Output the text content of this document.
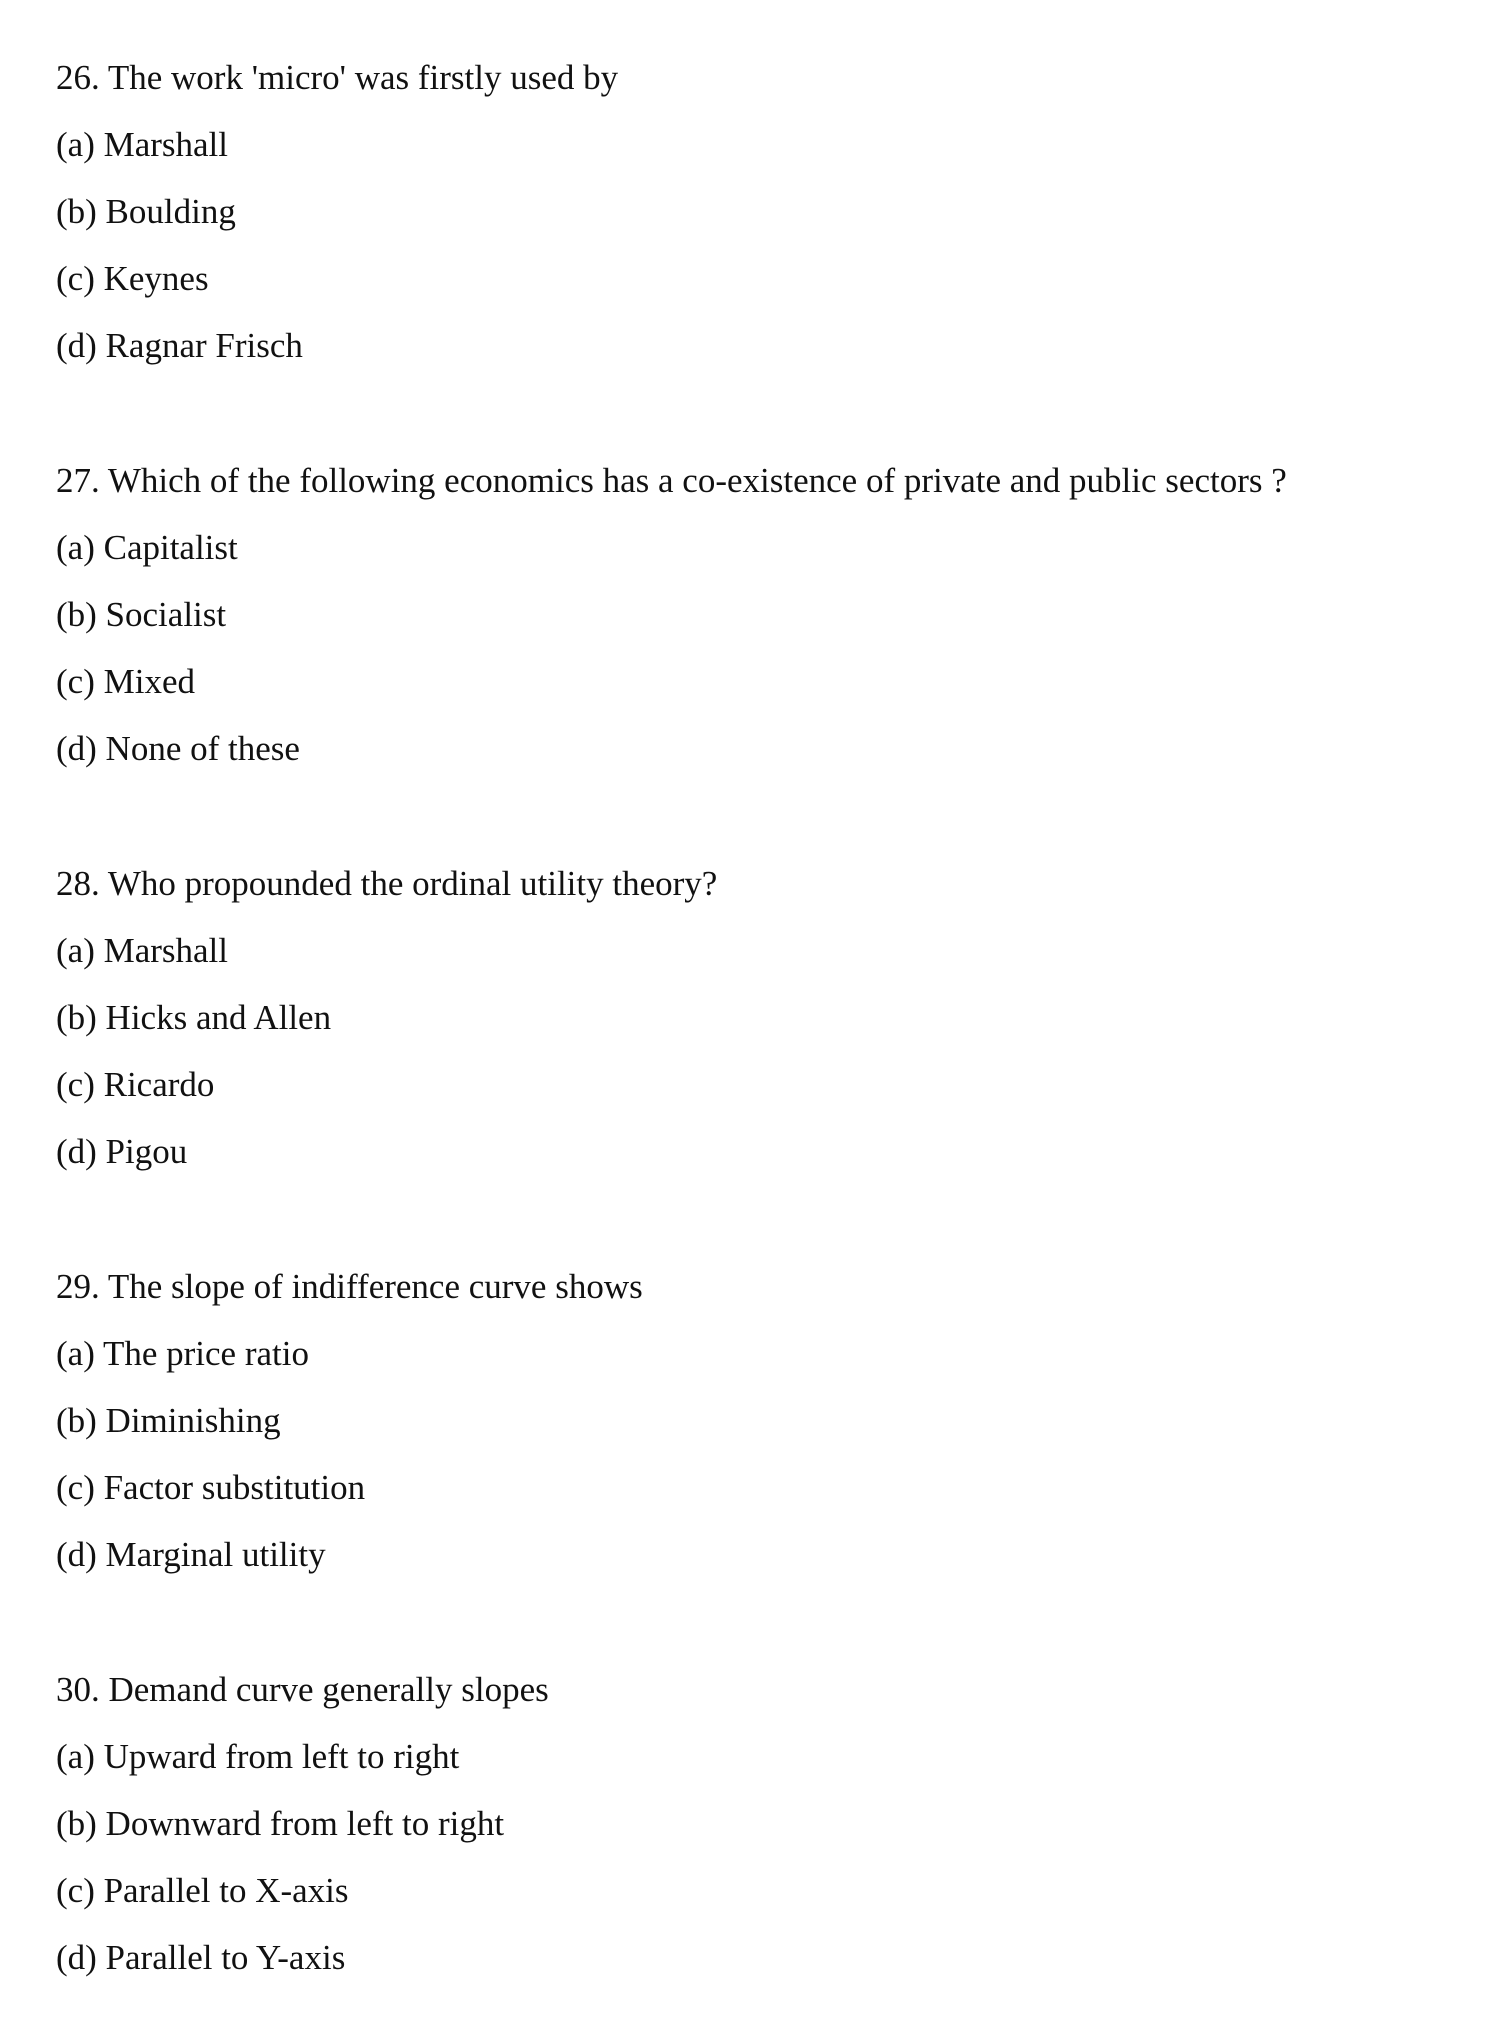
26. The work 'micro' was firstly used by
(a) Marshall
(b) Boulding
(c) Keynes
(d) Ragnar Frisch
27. Which of the following economics has a co-existence of private and public sectors ?
(a) Capitalist
(b) Socialist
(c) Mixed
(d) None of these
28. Who propounded the ordinal utility theory?
(a) Marshall
(b) Hicks and Allen
(c) Ricardo
(d) Pigou
29. The slope of indifference curve shows
(a) The price ratio
(b) Diminishing
(c) Factor substitution
(d) Marginal utility
30. Demand curve generally slopes
(a) Upward from left to right
(b) Downward from left to right
(c) Parallel to X-axis
(d) Parallel to Y-axis
